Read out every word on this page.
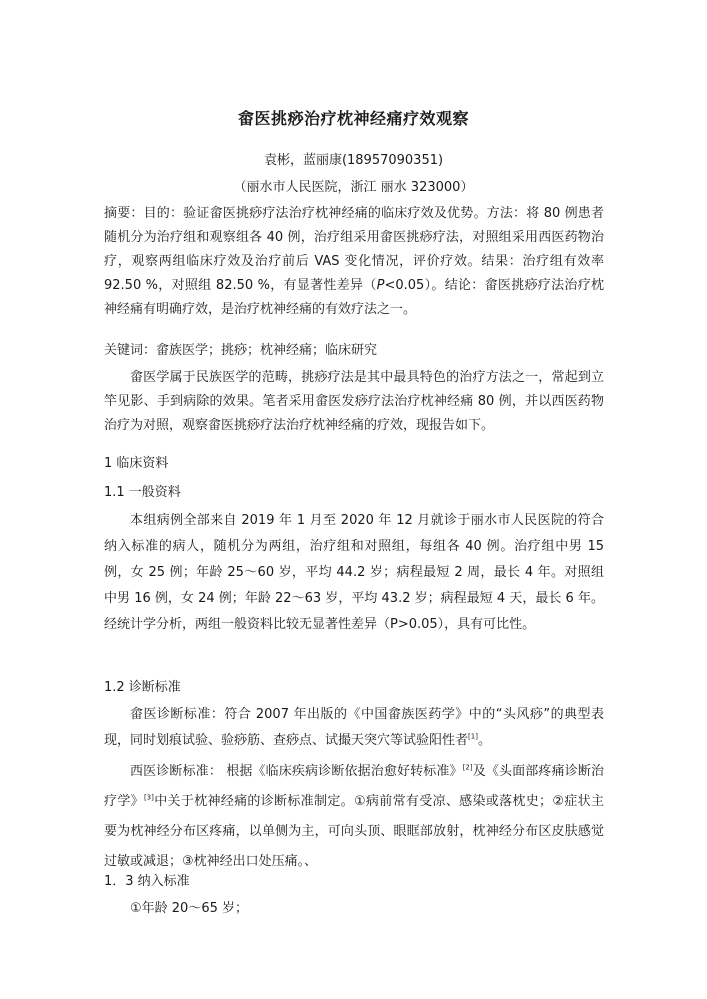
畲医挑痧治疗枕神经痛疗效观察
袁彬，蓝丽康(18957090351)
（丽水市人民医院，浙江 丽水 323000）
摘要：目的：验证畲医挑痧疗法治疗枕神经痛的临床疗效及优势。方法：将 80 例患者随机分为治疗组和观察组各 40 例，治疗组采用畲医挑痧疗法，对照组采用西医药物治疗，观察两组临床疗效及治疗前后 VAS 变化情况，评价疗效。结果：治疗组有效率 92.50 %，对照组 82.50 %，有显著性差异（P<0.05）。结论：畲医挑痧疗法治疗枕神经痛有明确疗效，是治疗枕神经痛的有效疗法之一。
关键词：畲族医学；挑痧；枕神经痛；临床研究
畲医学属于民族医学的范畴，挑痧疗法是其中最具特色的治疗方法之一，常起到立竿见影、手到病除的效果。笔者采用畲医发痧疗法治疗枕神经痛 80 例，并以西医药物治疗为对照，观察畲医挑痧疗法治疗枕神经痛的疗效，现报告如下。
1 临床资料
1.1 一般资料
本组病例全部来自 2019 年 1 月至 2020 年 12 月就诊于丽水市人民医院的符合纳入标准的病人，随机分为两组，治疗组和对照组，每组各 40 例。治疗组中男 15 例，女 25 例；年龄 25～60 岁，平均 44.2 岁；病程最短 2 周，最长 4 年。对照组中男 16 例，女 24 例；年龄 22～63 岁，平均 43.2 岁；病程最短 4 天，最长 6 年。经统计学分析，两组一般资料比较无显著性差异（P>0.05），具有可比性。
1.2 诊断标准
畲医诊断标准：符合 2007 年出版的《中国畲族医药学》中的“头风痧”的典型表现，同时划痕试验、验痧筋、查痧点、试撮天突穴等试验阳性者[1]。
西医诊断标准： 根据《临床疾病诊断依据治愈好转标准》[2]及《头面部疼痛诊断治疗学》[3]中关于枕神经痛的诊断标准制定。①病前常有受凉、感染或落枕史；②症状主要为枕神经分布区疼痛，以单侧为主，可向头顶、眼眶部放射，枕神经分布区皮肤感觉过敏或减退；③枕神经出口处压痛。、
1．3 纳入标准
①年龄 20～65 岁；
